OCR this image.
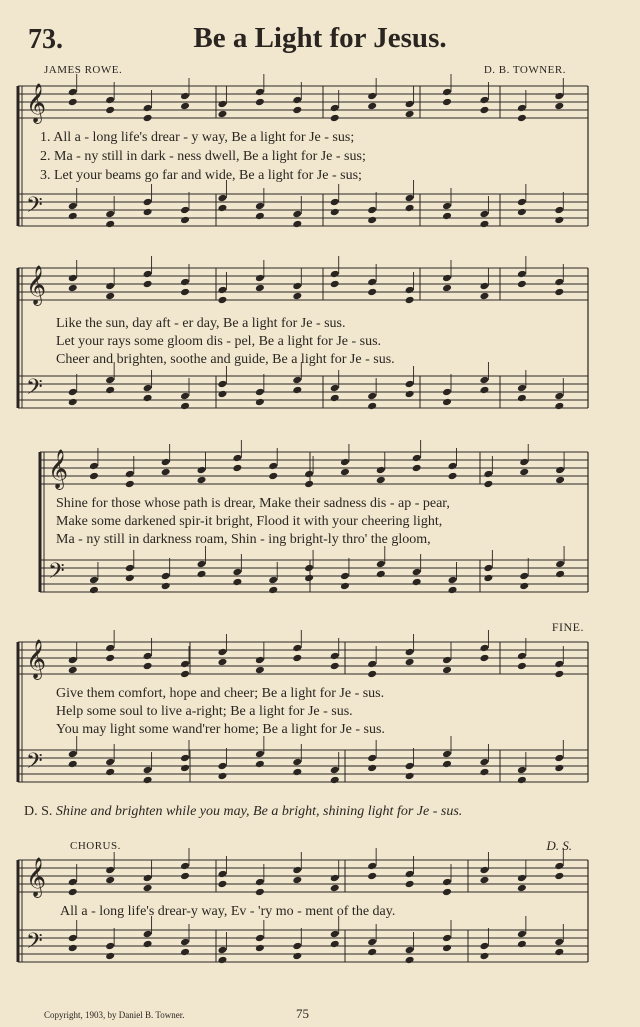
73.	Be a Light for Jesus.
JAMES ROWE.	D. B. TOWNER.
𝄞
𝄢
𝄞
𝄢
𝄞
𝄢
𝄞
𝄢
𝄞
𝄢
1. All a - long life's drear - y way, Be a light for Je - sus;
2. Ma - ny still in dark - ness dwell, Be a light for Je - sus;
3. Let your beams go far and wide, Be a light for Je - sus;
Like the sun, day aft - er day, Be a light for Je - sus.
Let your rays some gloom dis - pel, Be a light for Je - sus.
Cheer and brighten, soothe and guide, Be a light for Je - sus.
Shine for those whose path is drear, Make their sadness dis - ap - pear,
Make some darkened spir-it bright, Flood it with your cheering light,
Ma - ny still in darkness roam, Shin - ing bright-ly thro' the gloom,
FINE.
Give them comfort, hope and cheer; Be a light for Je - sus.
Help some soul to live a-right; Be a light for Je - sus.
You may light some wand'rer home; Be a light for Je - sus.
D. S. Shine and brighten while you may, Be a bright, shining light for Je - sus.
CHORUS.	D. S.
All a - long life's drear-y way, Ev - 'ry mo - ment of the day.
Copyright, 1903, by Daniel B. Towner.	75
